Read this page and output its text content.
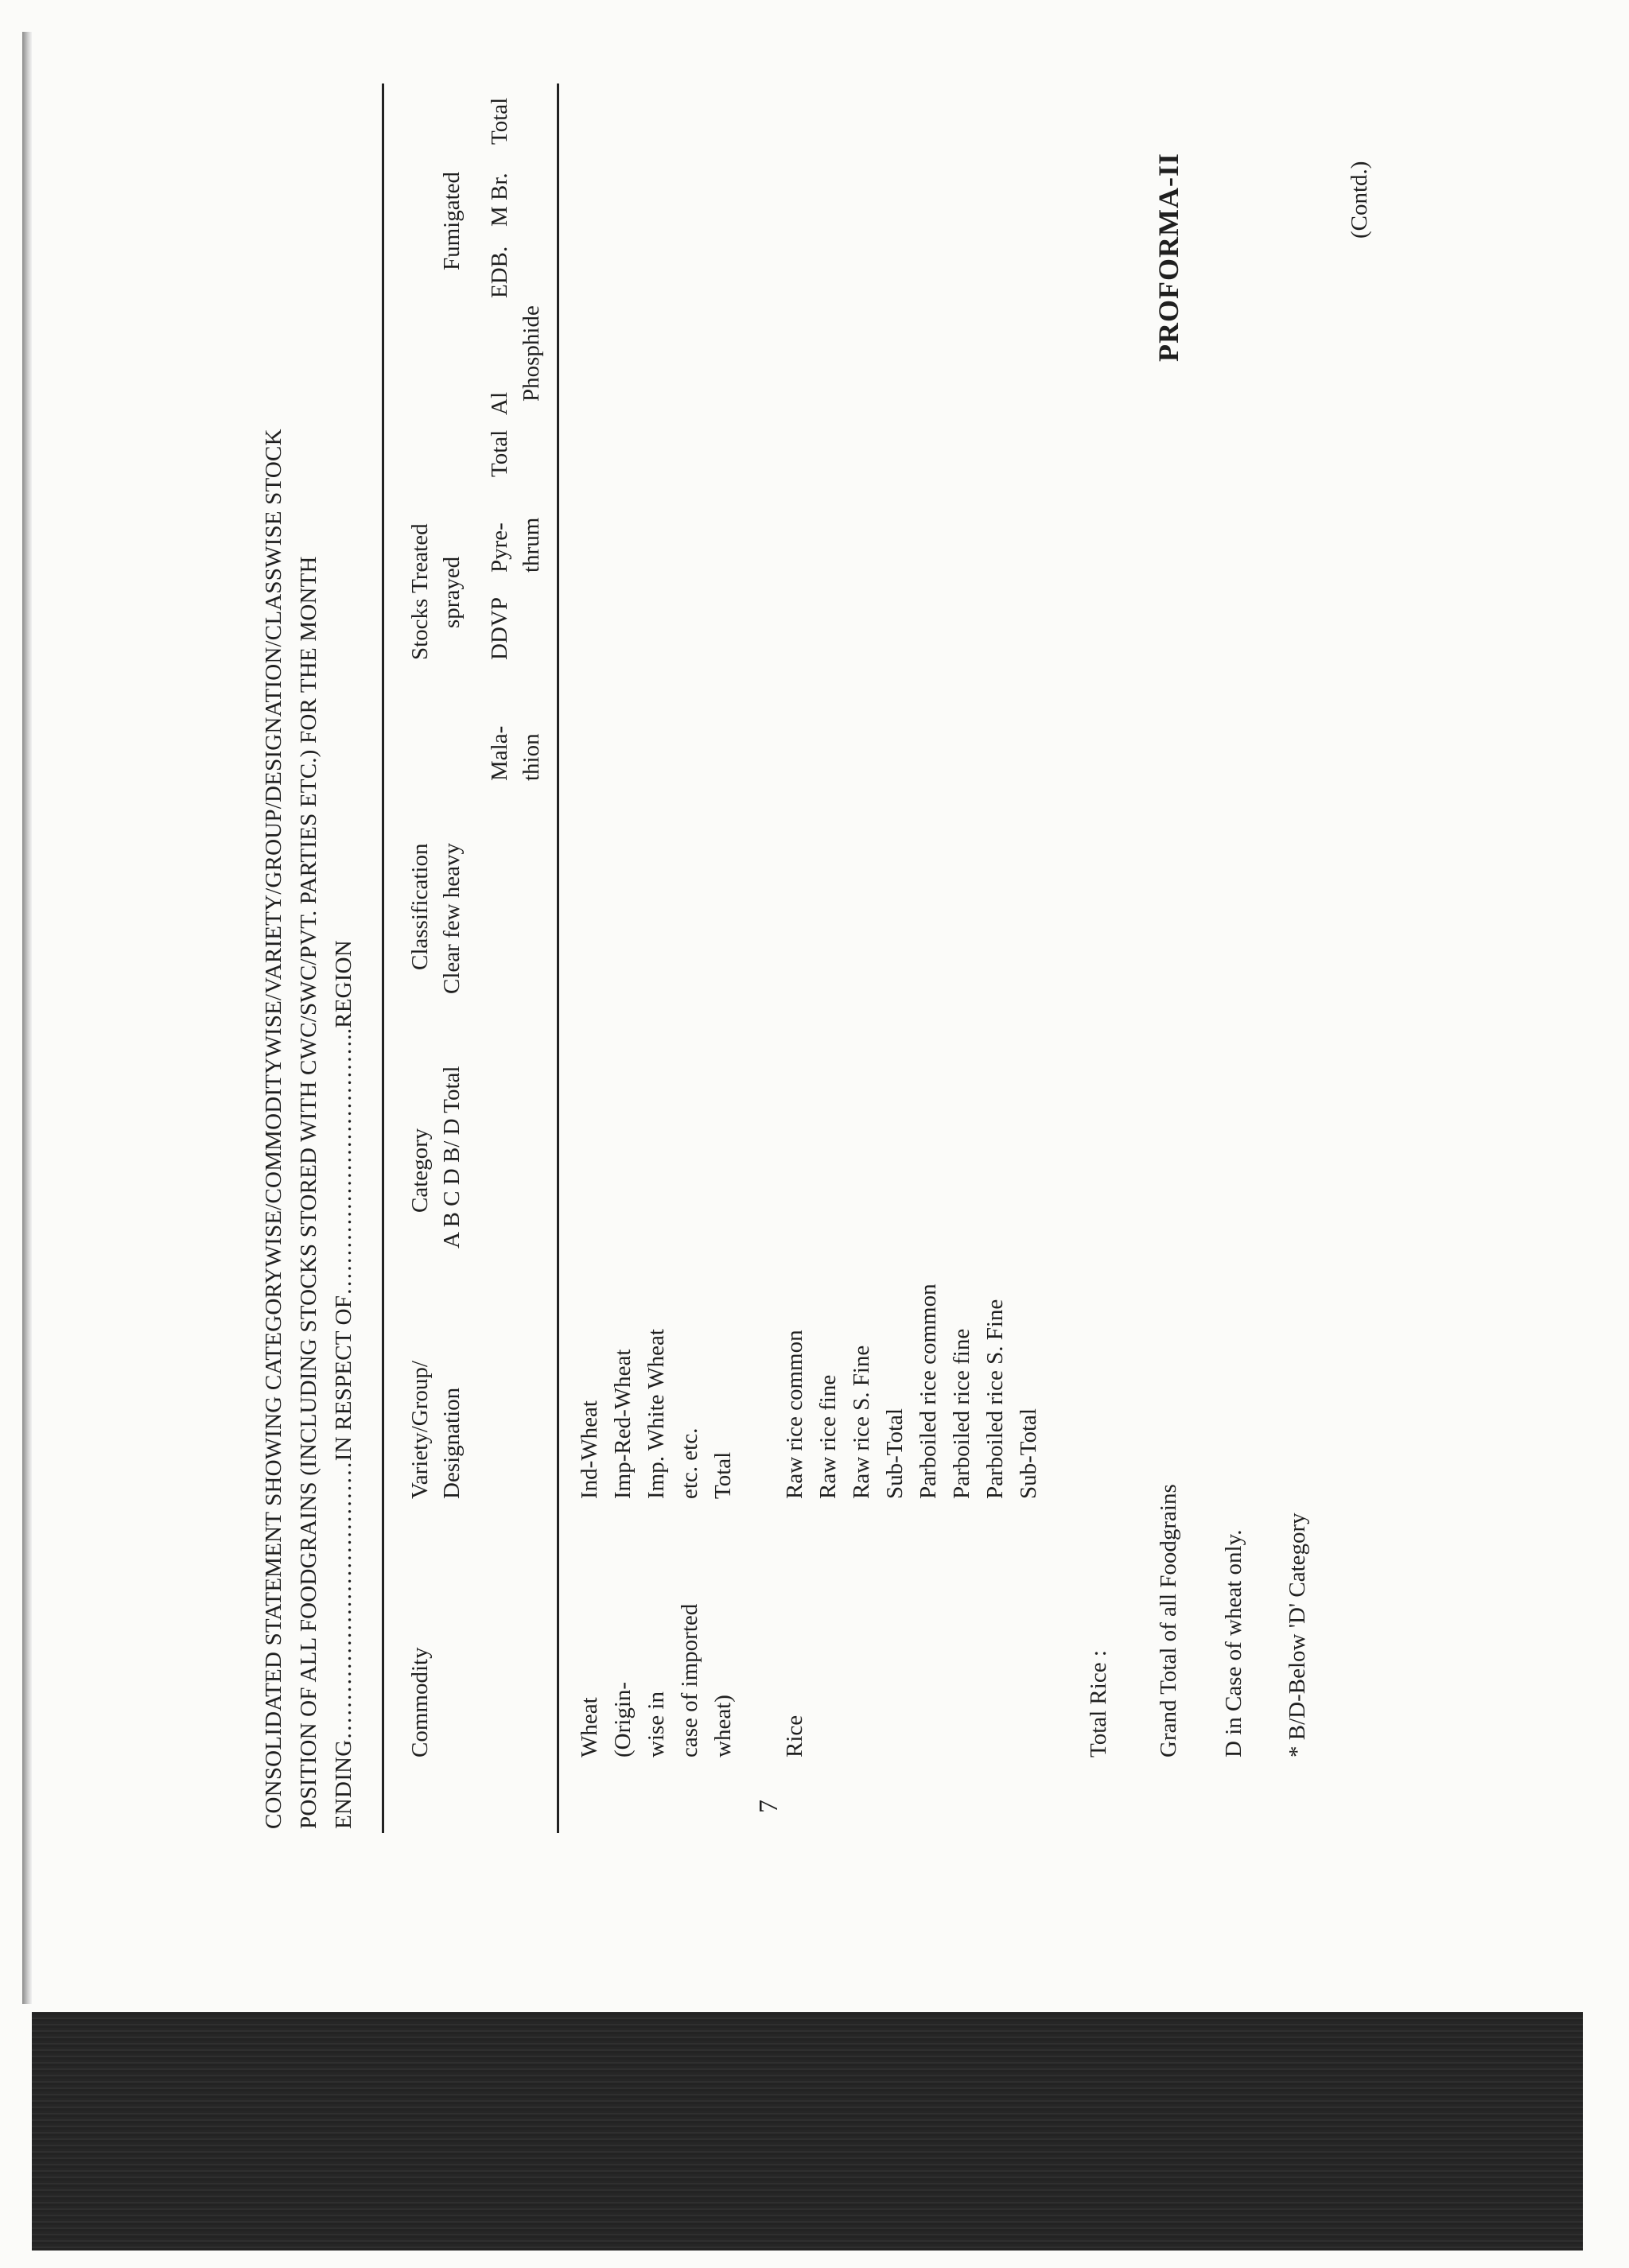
PROFORMA-II
CONSOLIDATED STATEMENT SHOWING CATEGORYWISE/COMMODITYWISE/VARIETY/GROUP/DESIGNATION/CLASSWISE STOCK POSITION OF ALL FOODGRAINS (INCLUDING STOCKS STORED WITH CWC/SWC/PVT. PARTIES ETC.) FOR THE MONTH ENDING………………………………IN RESPECT OF……………………………..REGION Commodity
Variety/Group/ Designation
Category A B C D B/ D Total
Classification Clear few heavy
Stocks Treated sprayed
Mala- thion
DDVP
Pyre- thrum
Total
Fumigated
Al
Phosphide
EDB.
M Br.
Total
Wheat (Origin- wise in case of imported wheat)
Ind-Wheat Imp-Red-Wheat Imp. White Wheat etc. etc. Total
7
Rice
Raw rice common Raw rice fine Raw rice S. Fine Sub-Total Parboiled rice common Parboiled rice fine Parboiled rice S. Fine Sub-Total
Total Rice : Grand Total of all Foodgrains D in Case of wheat only. * B/D-Below 'D' Category
(Contd.)
